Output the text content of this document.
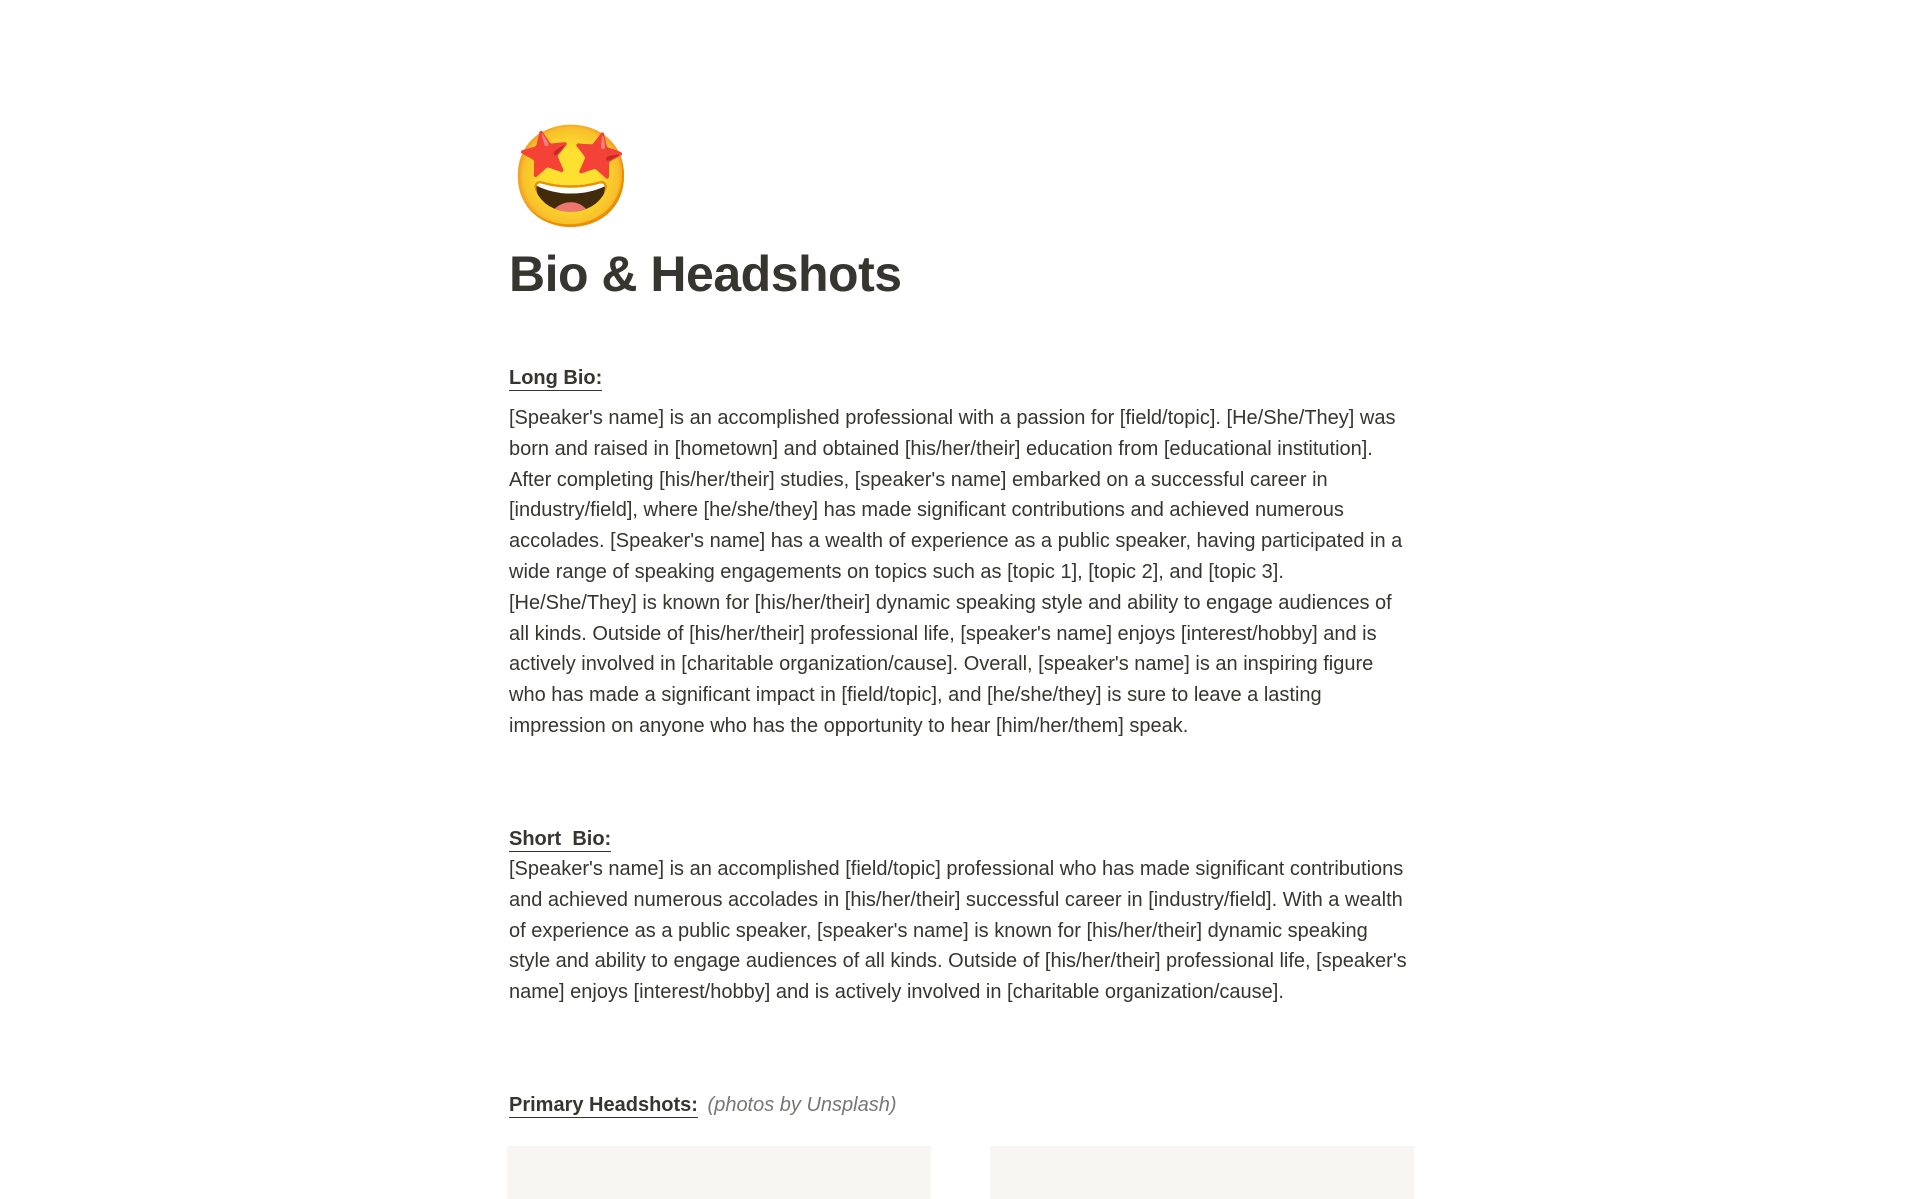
🤩
Bio & Headshots
Long Bio:

[Speaker's name] is an accomplished professional with a passion for [field/topic]. [He/She/They] was born and raised in [hometown] and obtained [his/her/their] education from [educational institution]. After completing [his/her/their] studies, [speaker's name] embarked on a successful career in [industry/field], where [he/she/they] has made significant contributions and achieved numerous accolades. [Speaker's name] has a wealth of experience as a public speaker, having participated in a wide range of speaking engagements on topics such as [topic 1], [topic 2], and [topic 3]. [He/She/They] is known for [his/her/their] dynamic speaking style and ability to engage audiences of all kinds. Outside of [his/her/their] professional life, [speaker's name] enjoys [interest/hobby] and is actively involved in [charitable organization/cause]. Overall, [speaker's name] is an inspiring figure who has made a significant impact in [field/topic], and [he/she/they] is sure to leave a lasting impression on anyone who has the opportunity to hear [him/her/them] speak.

Short  Bio:

[Speaker's name] is an accomplished [field/topic] professional who has made significant contributions and achieved numerous accolades in [his/her/their] successful career in [industry/field]. With a wealth of experience as a public speaker, [speaker's name] is known for [his/her/their] dynamic speaking style and ability to engage audiences of all kinds. Outside of [his/her/their] professional life, [speaker's name] enjoys [interest/hobby] and is actively involved in [charitable organization/cause].

Primary Headshots: (photos by Unsplash)
